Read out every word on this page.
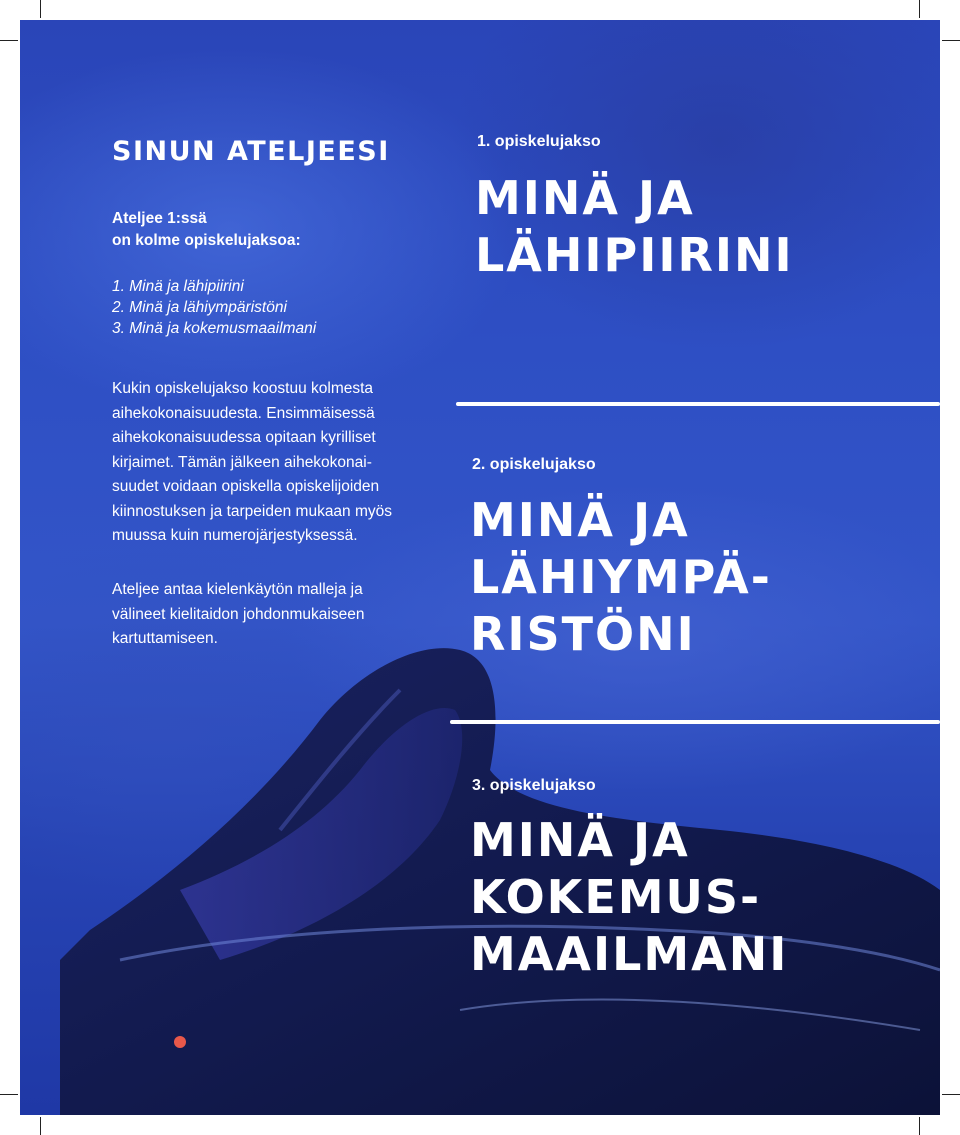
SINUN ATELJEESI
Ateljee 1:ssä
on kolme opiskelujaksoa:
1. Minä ja lähipiirini
2. Minä ja lähiympäristöni
3. Minä ja kokemusmaailmani
Kukin opiskelujakso koostuu kolmesta
aihekokonaisuudesta. Ensimmäisessä
aihekokonaisuudessa opitaan kyrilliset
kirjaimet. Tämän jälkeen aihekokonai-
suudet voidaan opiskella opiskelijoiden
kiinnostuksen ja tarpeiden mukaan myös
muussa kuin numerojärjestyksessä.
Ateljee antaa kielenkäytön malleja ja
välineet kielitaidon johdonmukaiseen
kartuttamiseen.
1. opiskelujakso
MINÄ JA
LÄHIPIIRINI
2. opiskelujakso
MINÄ JA
LÄHIYMPÄ-
RISTÖNI
3. opiskelujakso
MINÄ JA
KOKEMUS-
MAAILMANI
